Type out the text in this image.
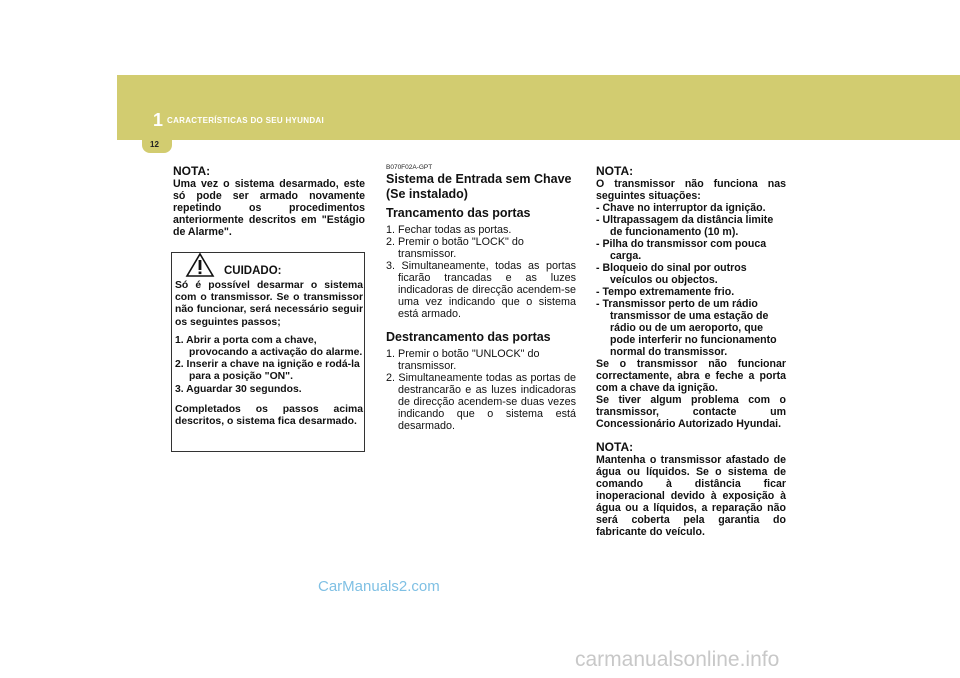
1 CARACTERÍSTICAS DO SEU HYUNDAI
12

NOTA:

Uma vez o sistema desarmado, este só pode ser armado novamente repetindo os procedimentos anteriormente descritos em "Estágio de Alarme".

CUIDADO:

Só é possível desarmar o sistema com o transmissor. Se o transmissor não funcionar, será necessário seguir os seguintes passos;

1. Abrir a porta com a chave, provocando a activação do alarme.
2. Inserir a chave na ignição e rodá-la para a posição "ON".
3. Aguardar 30 segundos.

Completados os passos acima descritos, o sistema fica desarmado.

B070F02A-GPT

Sistema de Entrada sem Chave (Se instalado)

Trancamento das portas

1. Fechar todas as portas.
2. Premir o botão "LOCK" do transmissor.
3. Simultaneamente, todas as portas ficarão trancadas e as luzes indicadoras de direcção acendem-se uma vez indicando que o sistema está armado.

Destrancamento das portas

1. Premir o botão "UNLOCK" do transmissor.
2. Simultaneamente todas as portas de destrancarão e as luzes indicadoras de direcção acendem-se duas vezes indicando que o sistema está desarmado.

NOTA:

O transmissor não funciona nas seguintes situações:

- Chave no interruptor da ignição.
- Ultrapassagem da distância limite de funcionamento (10 m).
- Pilha do transmissor com pouca carga.
- Bloqueio do sinal por outros veículos ou objectos.
- Tempo extremamente frio.
- Transmissor perto de um rádio transmissor de uma estação de rádio ou de um aeroporto, que pode interferir no funcionamento normal do transmissor.

Se o transmissor não funcionar correctamente, abra e feche a porta com a chave da ignição.

Se tiver algum problema com o transmissor, contacte um Concessionário Autorizado Hyundai.

NOTA:

Mantenha o transmissor afastado de água ou líquidos. Se o sistema de comando à distância ficar inoperacional devido à exposição à água ou a líquidos, a reparação não será coberta pela garantia do fabricante do veículo.

CarManuals2.com
carmanualsonline.info
